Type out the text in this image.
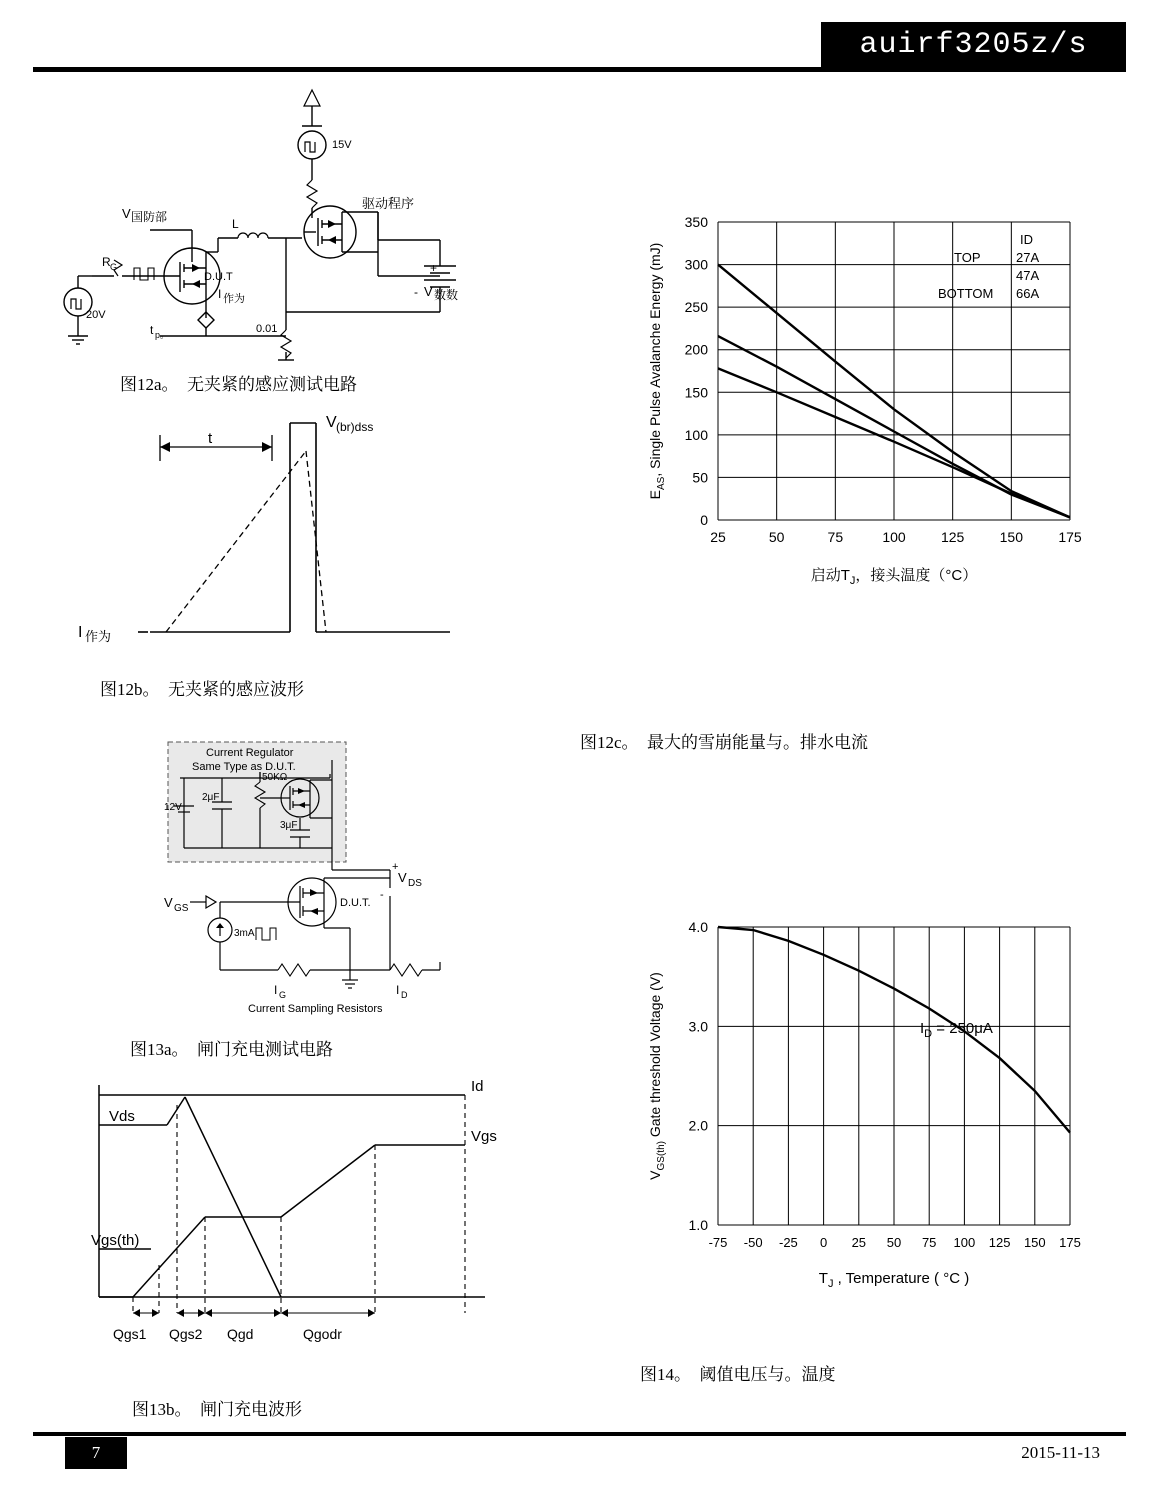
auirf3205z/s
15V
驱动程序
V 国防部	L
R G
20V
I 作为
t p 。	0.01
+
- V 数数
D.U.T
图12a。　无夹紧的感应测试电路
V (br)dss
t
I 作为
图12b。　无夹紧的感应波形
Current Regulator
Same Type as D.U.T.
50KΩ
12V
2μF
3μF
D.U.T.
V DS
+
-
V GS
3mA
I G	I D
Current Sampling Resistors
图13a。　闸门充电测试电路
Id
Vds
Vgs
Vgs(th)
Qgs1 Qgs2 Qgd	Qgodr
图13b。　闸门充电波形
25	50	75	100	125	150	175
0
50
100
150
200
250
300
350
ID
TOP	27A
47A
BOTTOM 66A
$E_{AS}$, Single Pulse Avalanche Energy (mJ)
启动$T_J$，接头温度（°C）
图12c。　最大的雪崩能量与。排水电流
-75 -50 -25 0 25 50 75 100 125 150 175
1.0
2.0
3.0
4.0
$I_D = 250\mu A$
$V_{GS(th)}$ Gate threshold Voltage (V)
$T_J$ , Temperature ( °C )
图14。　阈值电压与。温度
7	2015-11-13
